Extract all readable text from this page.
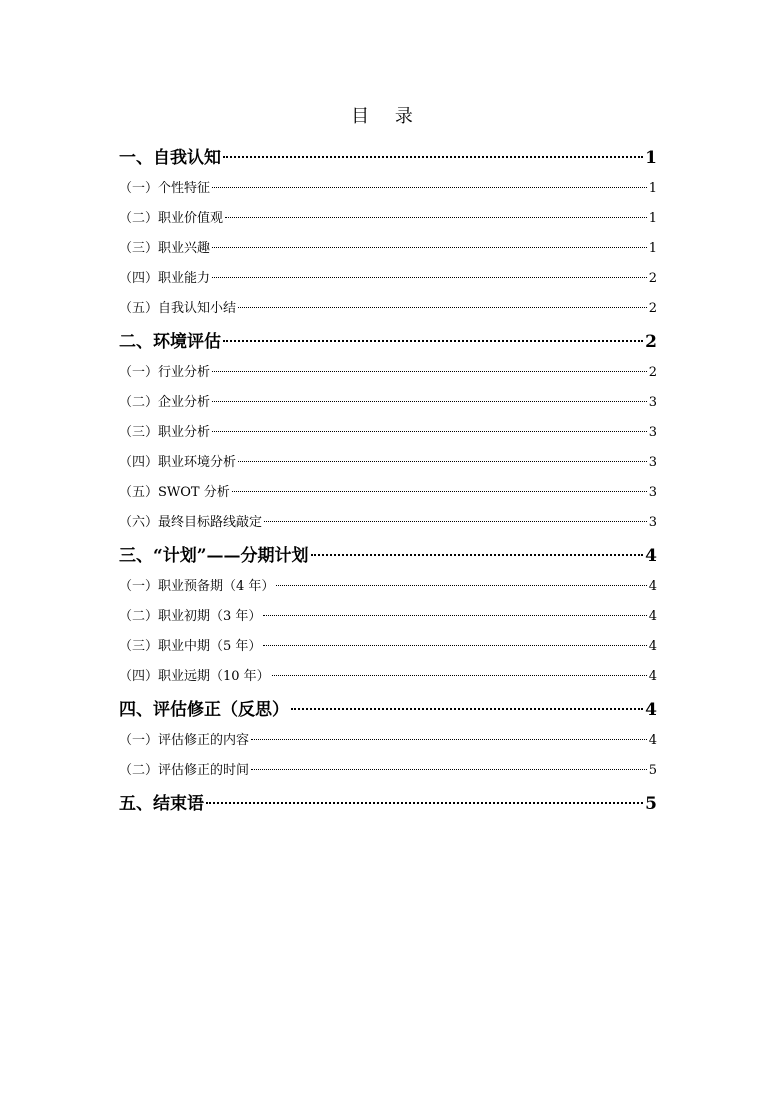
目 录
一、自我认知	1
（一）个性特征	1
（二）职业价值观	1
（三）职业兴趣	1
（四）职业能力	2
（五）自我认知小结	2
二、环境评估	2
（一）行业分析	2
（二）企业分析	3
（三）职业分析	3
（四）职业环境分析	3
（五）SWOT 分析	3
（六）最终目标路线敲定	3
三、“计划”——分期计划	4
（一）职业预备期（4 年）	4
（二）职业初期（3 年）	4
（三）职业中期（5 年）	4
（四）职业远期（10 年）	4
四、评估修正（反思）	4
（一）评估修正的内容	4
（二）评估修正的时间	5
五、结束语	5
